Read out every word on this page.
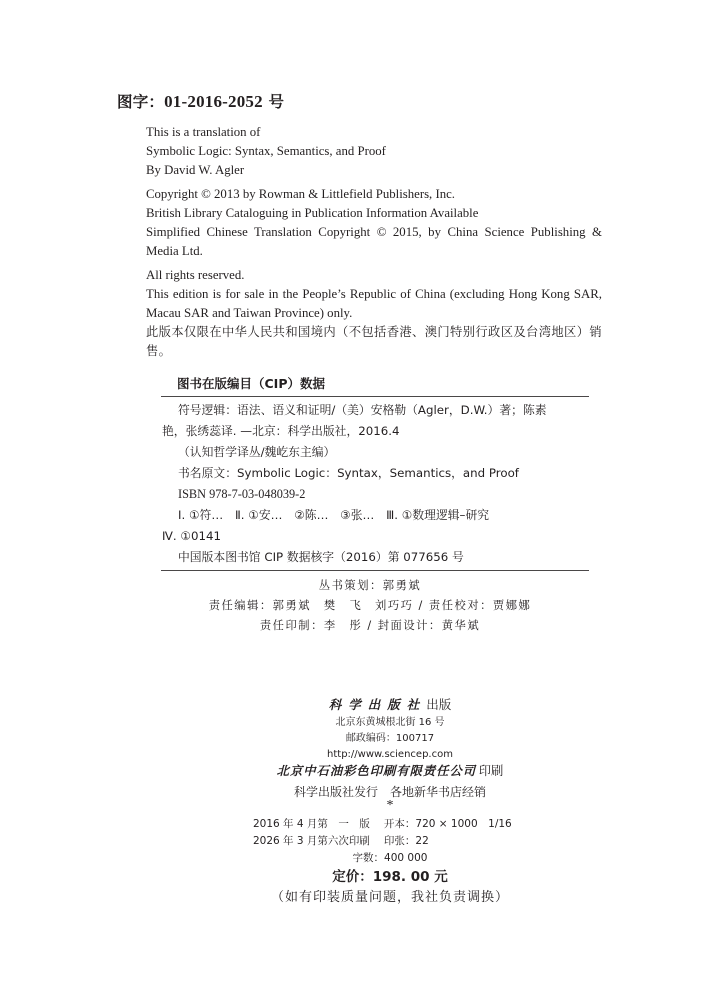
图字：01-2016-2052 号
This is a translation of
Symbolic Logic: Syntax, Semantics, and Proof
By David W. Agler
Copyright © 2013 by Rowman & Littlefield Publishers, Inc.
British Library Cataloguing in Publication Information Available
Simplified Chinese Translation Copyright © 2015, by China Science Publishing & Media Ltd.
All rights reserved.
This edition is for sale in the People’s Republic of China (excluding Hong Kong SAR, Macau SAR and Taiwan Province) only.
此版本仅限在中华人民共和国境内（不包括香港、澳门特别行政区及台湾地区）销售。
图书在版编目（CIP）数据
符号逻辑：语法、语义和证明/（美）安格勒（Agler，D.W.）著；陈素
艳，张绣蕊译. —北京：科学出版社，2016.4
（认知哲学译丛/魏屹东主编）
书名原文：Symbolic Logic：Syntax，Semantics，and Proof
ISBN 978-7-03-048039-2
Ⅰ. ①符…　Ⅱ. ①安…　②陈…　③张…　Ⅲ. ①数理逻辑–研究
Ⅳ. ①0141
中国版本图书馆 CIP 数据核字（2016）第 077656 号
丛书策划：郭勇斌
责任编辑：郭勇斌　樊　飞　刘巧巧 / 责任校对：贾娜娜
责任印制：李　彤 / 封面设计：黄华斌
科学出版社出版
北京东黄城根北街 16 号
邮政编码：100717
http://www.sciencep.com
北京中石油彩色印刷有限责任公司 印刷
科学出版社发行　各地新华书店经销
*
2016 年 4 月第　一　版 开本：720 × 1000　1/16
2026 年 3 月第六次印刷 印张：22
字数：400 000
定价：198. 00 元
（如有印装质量问题，我社负责调换）
